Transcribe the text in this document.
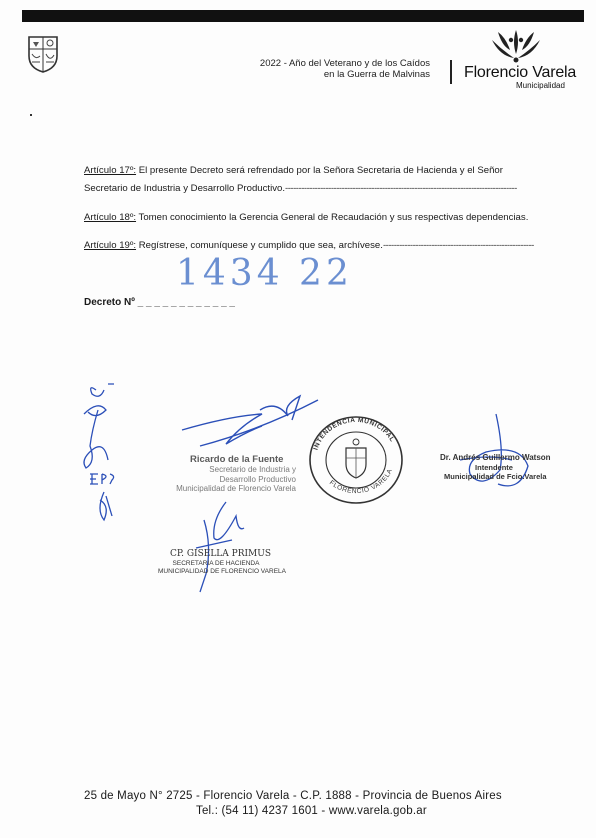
2022 - Año del Veterano y de los Caídos
en la Guerra de Malvinas Florencio Varela
Municipalidad
Artículo 17º: El presente Decreto será refrendado por la Señora Secretaria de Hacienda y el Señor
Secretario de Industria y Desarrollo Productivo.--------------------------------------------------------------------------------------
Artículo 18º: Tomen conocimiento la Gerencia General de Recaudación y sus respectivas dependencias.
Artículo 19º: Regístrese, comuníquese y cumplido que sea, archívese.--------------------------------------------------------
1434 22
Decreto Nº _ _ _ _ _ _ _ _ _ _ _ _
Ricardo de la Fuente
Secretario de Industria y
Desarrollo Productivo
Municipalidad de Florencio Varela
INTENDENCIA MUNICIPAL
FLORENCIO VARELA
Dr. Andrés Guillermo Watson
Intendente
Municipalidad de Fcio.Varela
CP. GISELLA PRIMUS
SECRETARIA DE HACIENDA
MUNICIPALIDAD DE FLORENCIO VARELA
25 de Mayo N° 2725 - Florencio Varela - C.P. 1888 - Provincia de Buenos Aires
Tel.: (54 11) 4237 1601 - www.varela.gob.ar
